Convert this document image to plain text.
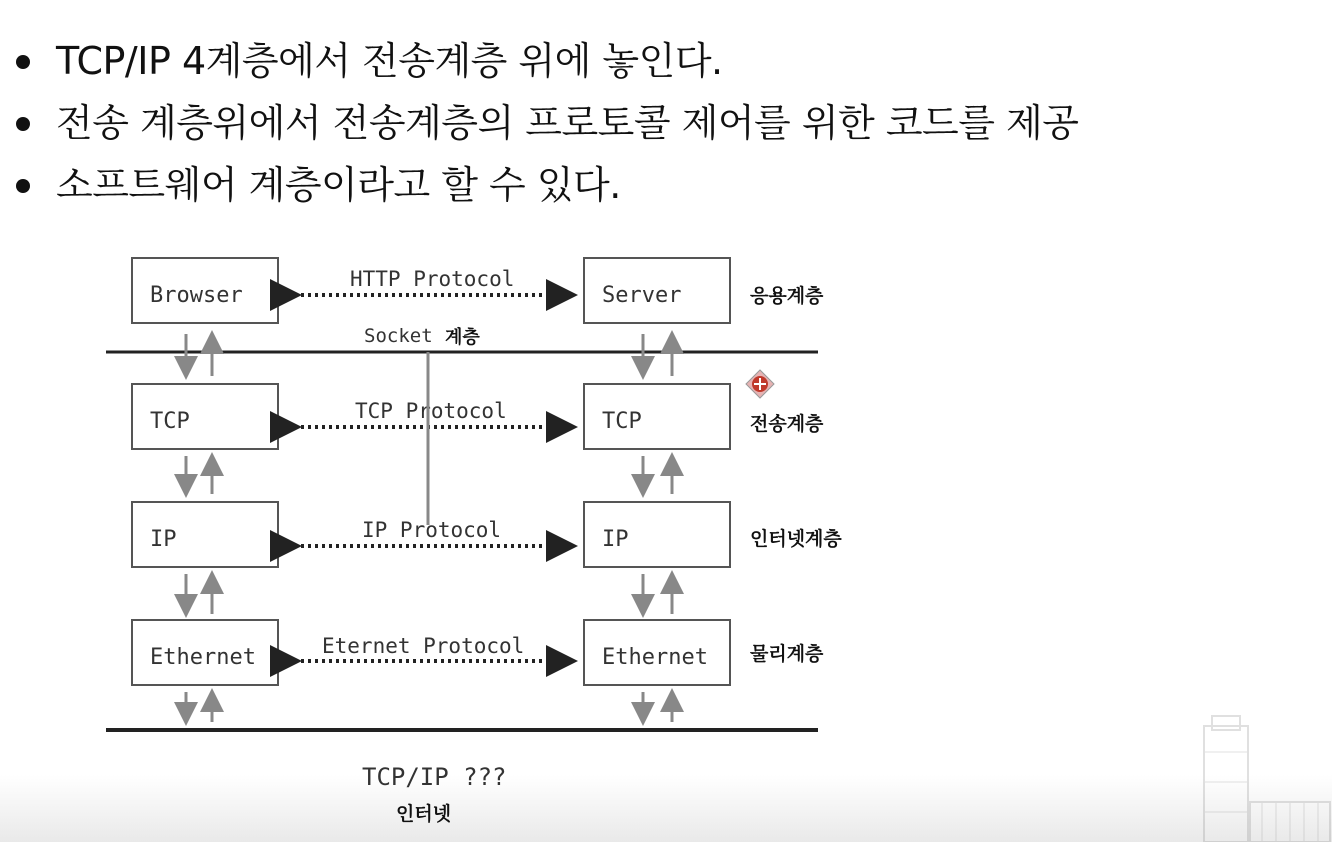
TCP/IP 4계층에서 전송계층 위에 놓인다.
전송 계층위에서 전송계층의 프로토콜 제어를 위한 코드를 제공
소프트웨어 계층이라고 할 수 있다.
Browser
TCP
IP
Ethernet
Server
TCP
IP
Ethernet
HTTP Protocol
TCP Protocol
IP Protocol
Eternet Protocol
Socket 계층
응용계층
전송계층
인터넷계층
물리계층
TCP/IP ???
인터넷
